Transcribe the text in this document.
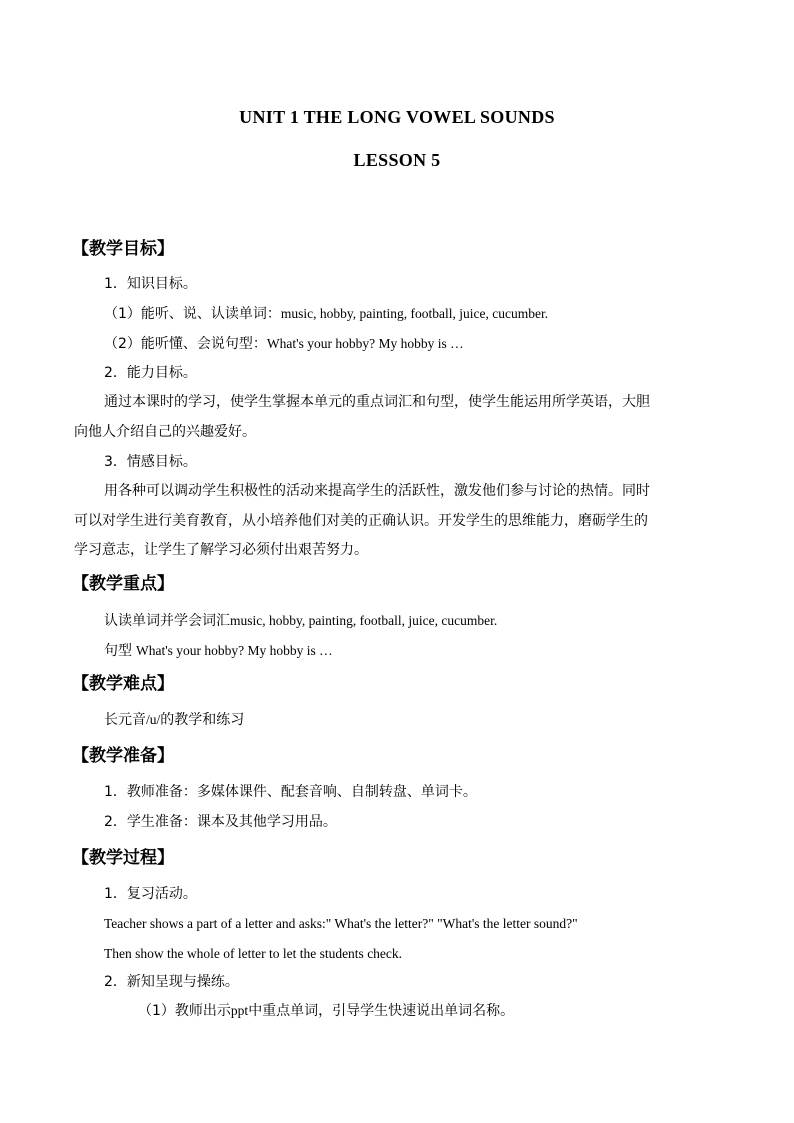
UNIT 1 THE LONG VOWEL SOUNDS
LESSON 5
【教学目标】
1．知识目标。
（1）能听、说、认读单词：music, hobby, painting, football, juice, cucumber.
（2）能听懂、会说句型：What's your hobby? My hobby is …
2．能力目标。
通过本课时的学习，使学生掌握本单元的重点词汇和句型，使学生能运用所学英语，大胆
向他人介绍自己的兴趣爱好。
3．情感目标。
用各种可以调动学生积极性的活动来提高学生的活跃性，激发他们参与讨论的热情。同时
可以对学生进行美育教育，从小培养他们对美的正确认识。开发学生的思维能力，磨砺学生的
学习意志，让学生了解学习必须付出艰苦努力。
【教学重点】
认读单词并学会词汇music, hobby, painting, football, juice, cucumber.
句型 What's your hobby? My hobby is …
【教学难点】
长元音/u/的教学和练习
【教学准备】
1．教师准备：多媒体课件、配套音响、自制转盘、单词卡。
2．学生准备：课本及其他学习用品。
【教学过程】
1．复习活动。
Teacher shows a part of a letter and asks:" What's the letter?" "What's the letter sound?"
Then show the whole of letter to let the students check.
2．新知呈现与操练。
（1）教师出示ppt中重点单词，引导学生快速说出单词名称。
